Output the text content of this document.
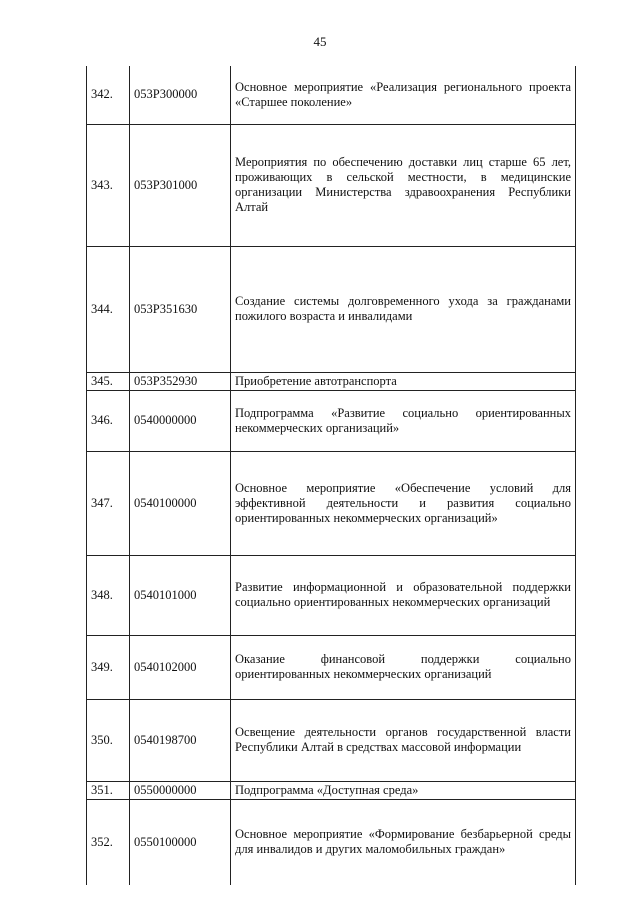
45
342.	053P300000	Основное мероприятие «Реализация регионального проекта «Старшее поколение»

343.	053P301000	Мероприятия по обеспечению доставки лиц старше 65 лет, проживающих в сельской местности, в медицинские организации Министерства здравоохранения Республики Алтай

344.	053P351630	Создание системы долговременного ухода за гражданами пожилого возраста и инвалидами

345.	053P352930	Приобретение автотранспорта

346.	0540000000	Подпрограмма «Развитие социально ориентированных некоммерческих организаций»

347.	0540100000	Основное мероприятие «Обеспечение условий для эффективной деятельности и развития социально ориентированных некоммерческих организаций»

348.	0540101000	Развитие информационной и образовательной поддержки социально ориентированных некоммерческих организаций

349.	0540102000	Оказание финансовой поддержки социально ориентированных некоммерческих организаций

350.	0540198700	Освещение деятельности органов государственной власти Республики Алтай в средствах массовой информации

351.	0550000000	Подпрограмма «Доступная среда»

352.	0550100000	Основное мероприятие «Формирование безбарьерной среды для инвалидов и других маломобильных граждан»
